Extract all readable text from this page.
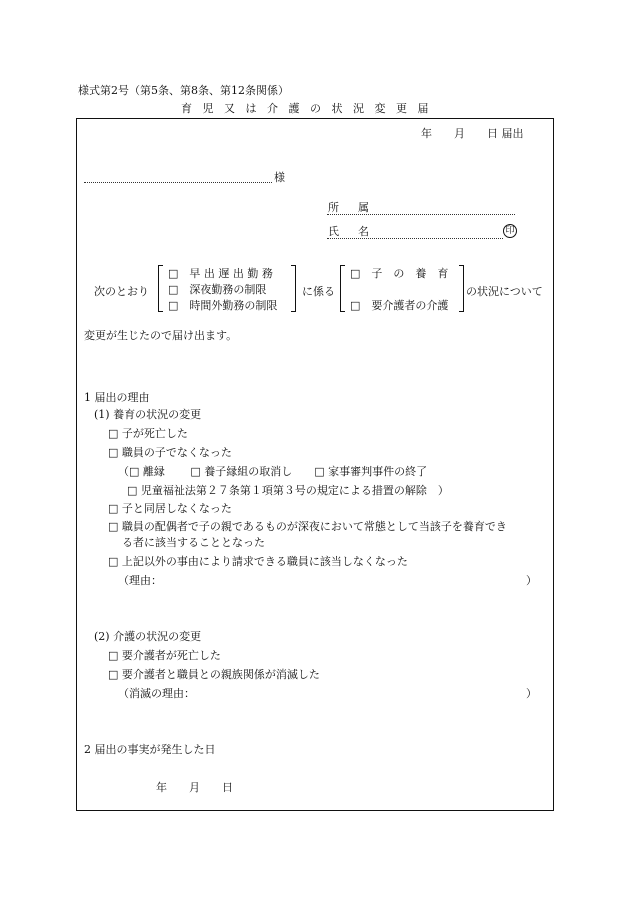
様式第2号（第5条、第8条、第12条関係）
育 児 又 は 介 護 の 状 況 変 更 届
年　　月　　日 届出
様
所　属
氏　名	印
次のとおり
□　早 出 遅 出 勤 務
□　深夜勤務の制限
□　時間外勤務の制限
に係る
□　子　の　養　育
□　要介護者の介護
の状況について
変更が生じたので届け出ます。
1 届出の理由
(1) 養育の状況の変更
□ 子が死亡した
□ 職員の子でなくなった
（□ 離縁　　 □ 養子縁組の取消し　　□ 家事審判事件の終了
□ 児童福祉法第２７条第１項第３号の規定による措置の解除　）
□ 子と同居しなくなった
□ 職員の配偶者で子の親であるものが深夜において常態として当該子を養育でき
る者に該当することとなった
□ 上記以外の事由により請求できる職員に該当しなくなった
（理由：	）
(2) 介護の状況の変更
□ 要介護者が死亡した
□ 要介護者と職員との親族関係が消滅した
（消滅の理由：	）
2 届出の事実が発生した日
年　　月　　日
